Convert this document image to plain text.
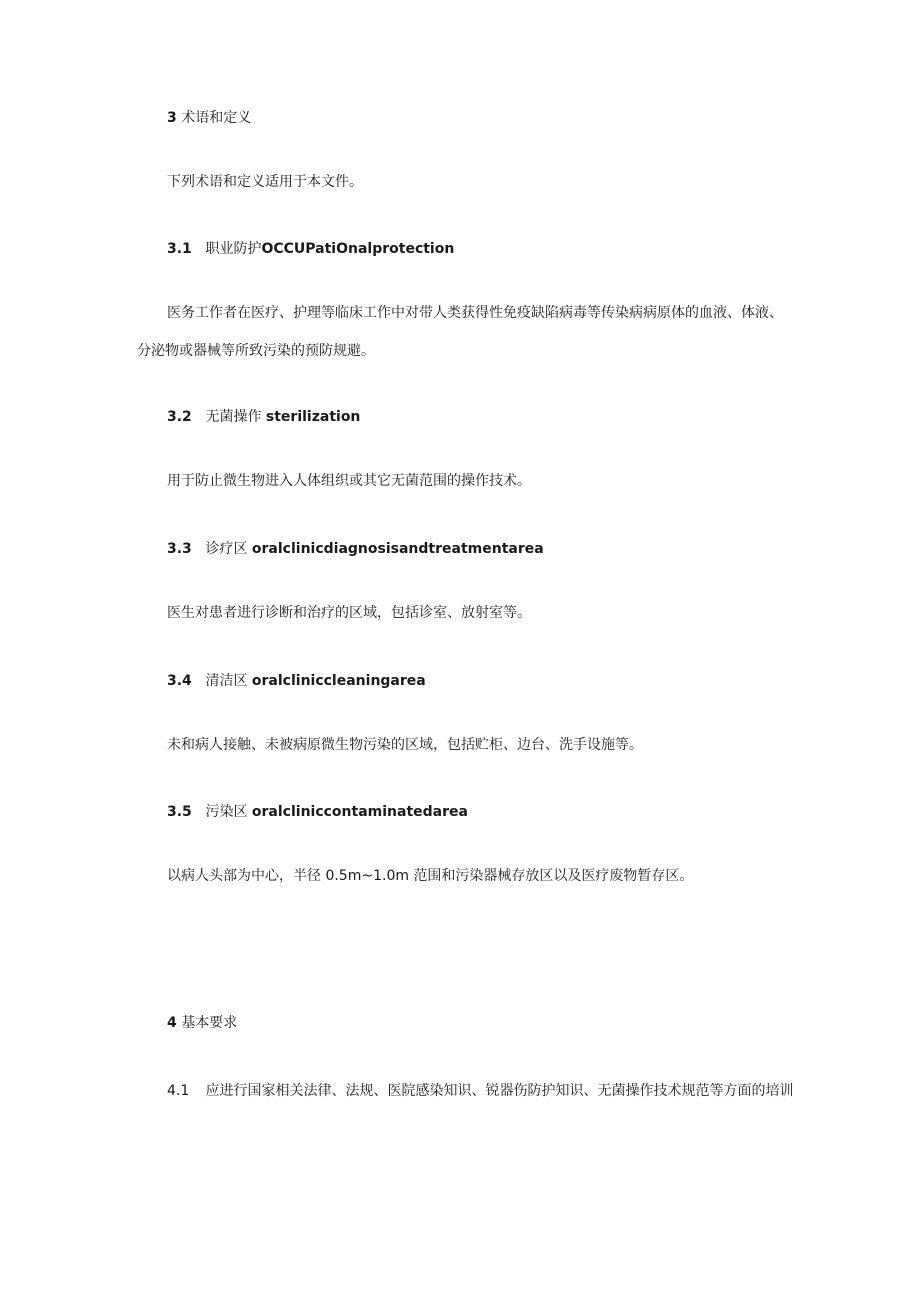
3 术语和定义
下列术语和定义适用于本文件。
3.1 职业防护OCCUPatiOnalprotection
医务工作者在医疗、护理等临床工作中对带人类获得性免疫缺陷病毒等传染病病原体的血液、体液、
分泌物或器械等所致污染的预防规避。
3.2 无菌操作 sterilization
用于防止微生物进入人体组织或其它无菌范围的操作技术。
3.3 诊疗区 oralclinicdiagnosisandtreatmentarea
医生对患者进行诊断和治疗的区域，包括诊室、放射室等。
3.4 清洁区 oralcliniccleaningarea
未和病人接触、未被病原微生物污染的区域，包括贮柜、边台、洗手设施等。
3.5 污染区 oralcliniccontaminatedarea
以病人头部为中心，半径 0.5m~1.0m 范围和污染器械存放区以及医疗废物暂存区。
4 基本要求
4.1 应进行国家相关法律、法规、医院感染知识、锐器伤防护知识、无菌操作技术规范等方面的培训
